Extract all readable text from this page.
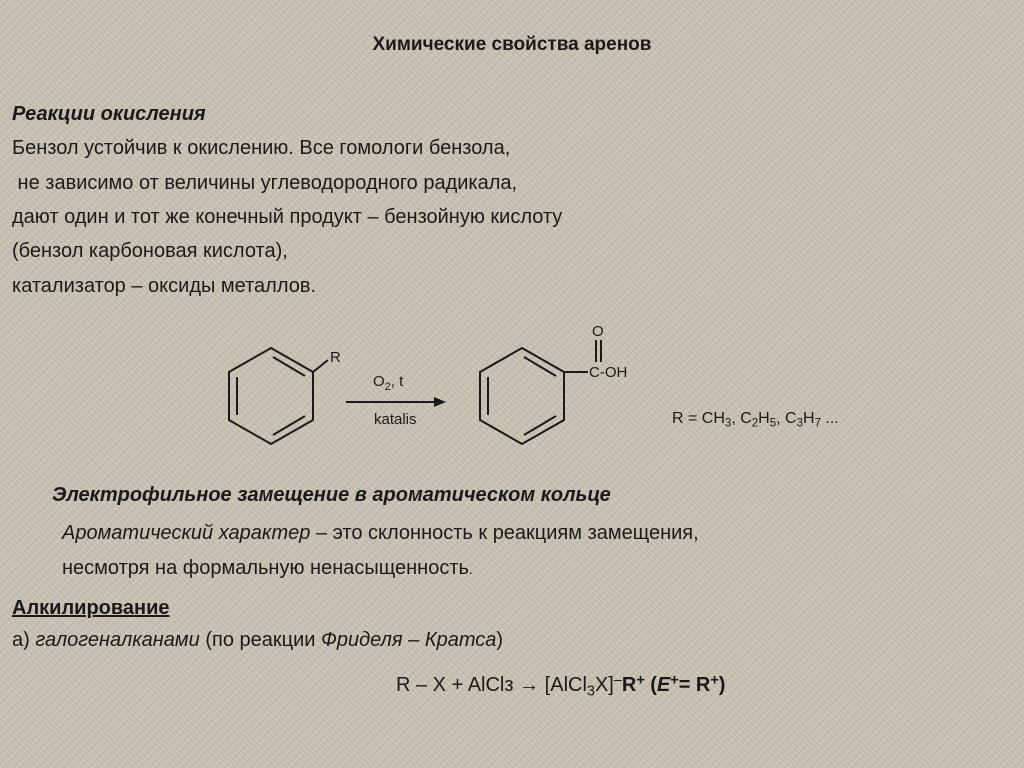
Химические свойства аренов
Реакции окисления
Бензол устойчив к окислению. Все гомологи бензола,
не зависимо от величины углеводородного радикала,
дают один и тот же конечный продукт – бензойную кислоту
(бензол карбоновая кислота),
катализатор – оксиды металлов.
R
$O_2$, t
katalis
O
C-OH
$R = CH_3$, $C_2H_5$, $C_3H_7$ ...
Электрофильное замещение в ароматическом кольце
Ароматический характер – это склонность к реакциям замещения,
несмотря на формальную ненасыщенность.
Алкилирование
а) галогеналканами (по реакции Фриделя – Кратса)
R – X + AlClз → [AlCl$_3$X]–R+ (E+= R+)
